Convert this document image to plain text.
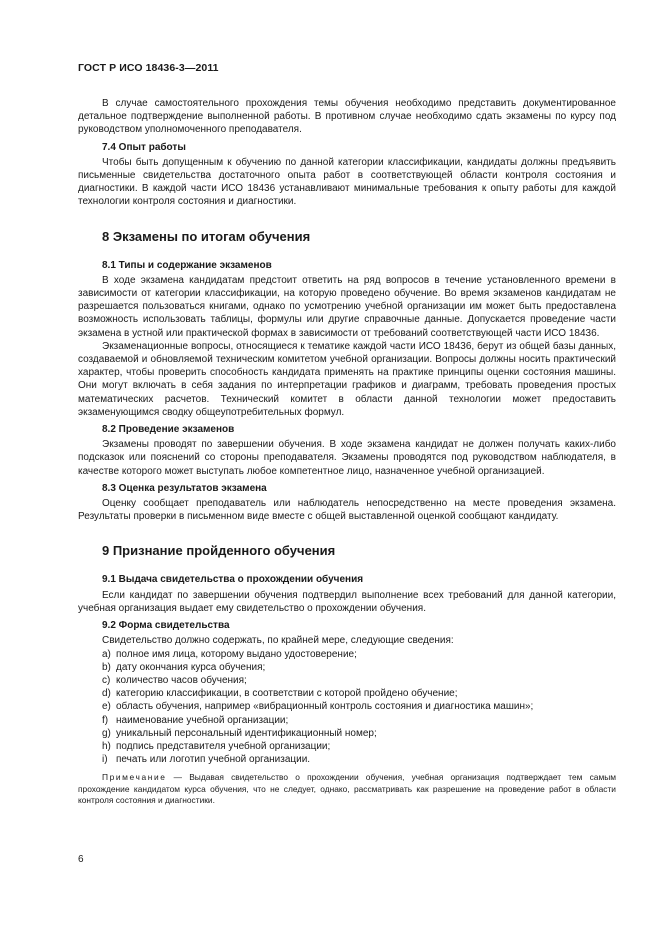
ГОСТ Р ИСО 18436-3—2011

В случае самостоятельного прохождения темы обучения необходимо представить документированное детальное подтверждение выполненной работы. В противном случае необходимо сдать экзамены по курсу под руководством уполномоченного преподавателя.

7.4 Опыт работы

Чтобы быть допущенным к обучению по данной категории классификации, кандидаты должны предъявить письменные свидетельства достаточного опыта работ в соответствующей области контроля состояния и диагностики. В каждой части ИСО 18436 устанавливают минимальные требования к опыту работы для каждой технологии контроля состояния и диагностики.

8 Экзамены по итогам обучения
8.1 Типы и содержание экзаменов

В ходе экзамена кандидатам предстоит ответить на ряд вопросов в течение установленного времени в зависимости от категории классификации, на которую проведено обучение. Во время экзаменов кандидатам не разрешается пользоваться книгами, однако по усмотрению учебной организации им может быть предоставлена возможность использовать таблицы, формулы или другие справочные данные. Допускается проведение части экзамена в устной или практической формах в зависимости от требований соответствующей части ИСО 18436.

Экзаменационные вопросы, относящиеся к тематике каждой части ИСО 18436, берут из общей базы данных, создаваемой и обновляемой техническим комитетом учебной организации. Вопросы должны носить практический характер, чтобы проверить способность кандидата применять на практике принципы оценки состояния машины. Они могут включать в себя задания по интерпретации графиков и диаграмм, требовать проведения простых математических расчетов. Технический комитет в области данной технологии может предоставить экзаменующимся сводку общеупотребительных формул.

8.2 Проведение экзаменов

Экзамены проводят по завершении обучения. В ходе экзамена кандидат не должен получать каких-либо подсказок или пояснений со стороны преподавателя. Экзамены проводятся под руководством наблюдателя, в качестве которого может выступать любое компетентное лицо, назначенное учебной организацией.

8.3 Оценка результатов экзамена

Оценку сообщает преподаватель или наблюдатель непосредственно на месте проведения экзамена. Результаты проверки в письменном виде вместе с общей выставленной оценкой сообщают кандидату.

9 Признание пройденного обучения
9.1 Выдача свидетельства о прохождении обучения

Если кандидат по завершении обучения подтвердил выполнение всех требований для данной категории, учебная организация выдает ему свидетельство о прохождении обучения.

9.2 Форма свидетельства

Свидетельство должно содержать, по крайней мере, следующие сведения:

a) полное имя лица, которому выдано удостоверение;
b) дату окончания курса обучения;
c) количество часов обучения;
d) категорию классификации, в соответствии с которой пройдено обучение;
e) область обучения, например «вибрационный контроль состояния и диагностика машин»;
f) наименование учебной организации;
g) уникальный персональный идентификационный номер;
h) подпись представителя учебной организации;
i) печать или логотип учебной организации.
Примечание — Выдавая свидетельство о прохождении обучения, учебная организация подтверждает тем самым прохождение кандидатом курса обучения, что не следует, однако, рассматривать как разрешение на проведение работ в области контроля состояния и диагностики.
6
